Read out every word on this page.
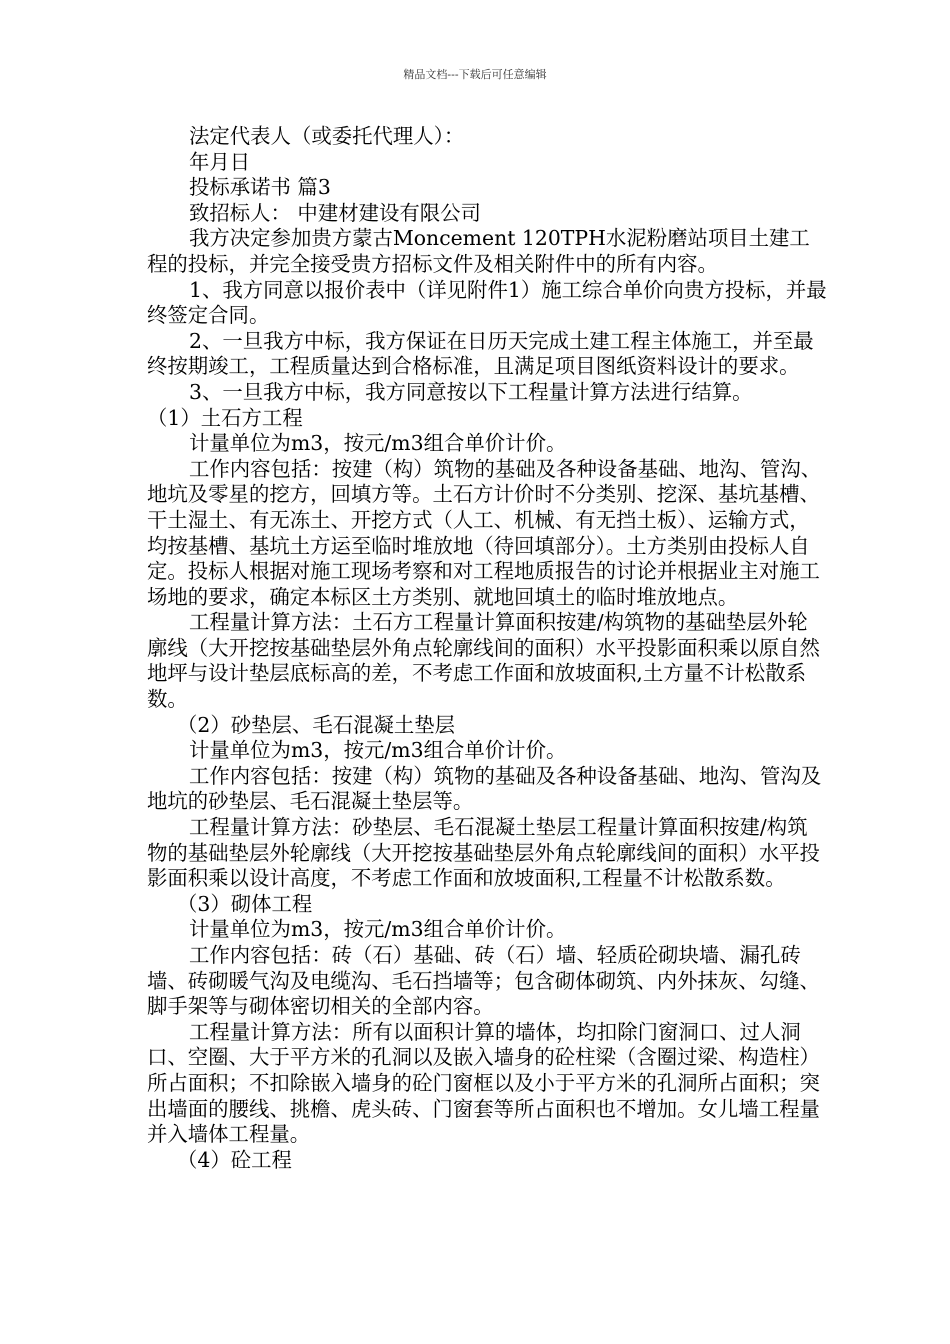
精品文档---下载后可任意编辑

法定代表人（或委托代理人）：

年月日

投标承诺书 篇3

致招标人： 中建材建设有限公司

我方决定参加贵方蒙古Moncement 120TPH水泥粉磨站项目土建工程的投标，并完全接受贵方招标文件及相关附件中的所有内容。

1、我方同意以报价表中（详见附件1）施工综合单价向贵方投标，并最终签定合同。

2、一旦我方中标，我方保证在日历天完成土建工程主体施工，并至最终按期竣工，工程质量达到合格标准，且满足项目图纸资料设计的要求。

3、一旦我方中标，我方同意按以下工程量计算方法进行结算。

（1）土石方工程

计量单位为m3，按元/m3组合单价计价。

工作内容包括：按建（构）筑物的基础及各种设备基础、地沟、管沟、地坑及零星的挖方，回填方等。土石方计价时不分类别、挖深、基坑基槽、干土湿土、有无冻土、开挖方式（人工、机械、有无挡土板）、运输方式，均按基槽、基坑土方运至临时堆放地（待回填部分）。土方类别由投标人自定。投标人根据对施工现场考察和对工程地质报告的讨论并根据业主对施工场地的要求，确定本标区土方类别、就地回填土的临时堆放地点。

工程量计算方法：土石方工程量计算面积按建/构筑物的基础垫层外轮廓线（大开挖按基础垫层外角点轮廓线间的面积）水平投影面积乘以原自然地坪与设计垫层底标高的差，不考虑工作面和放坡面积,土方量不计松散系数。

（2）砂垫层、毛石混凝土垫层

计量单位为m3，按元/m3组合单价计价。

工作内容包括：按建（构）筑物的基础及各种设备基础、地沟、管沟及地坑的砂垫层、毛石混凝土垫层等。

工程量计算方法：砂垫层、毛石混凝土垫层工程量计算面积按建/构筑物的基础垫层外轮廓线（大开挖按基础垫层外角点轮廓线间的面积）水平投影面积乘以设计高度，不考虑工作面和放坡面积,工程量不计松散系数。

（3）砌体工程

计量单位为m3，按元/m3组合单价计价。

工作内容包括：砖（石）基础、砖（石）墙、轻质砼砌块墙、漏孔砖墙、砖砌暖气沟及电缆沟、毛石挡墙等；包含砌体砌筑、内外抹灰、勾缝、脚手架等与砌体密切相关的全部内容。

工程量计算方法：所有以面积计算的墙体，均扣除门窗洞口、过人洞口、空圈、大于平方米的孔洞以及嵌入墙身的砼柱梁（含圈过梁、构造柱）所占面积；不扣除嵌入墙身的砼门窗框以及小于平方米的孔洞所占面积；突出墙面的腰线、挑檐、虎头砖、门窗套等所占面积也不增加。女儿墙工程量并入墙体工程量。

（4）砼工程
